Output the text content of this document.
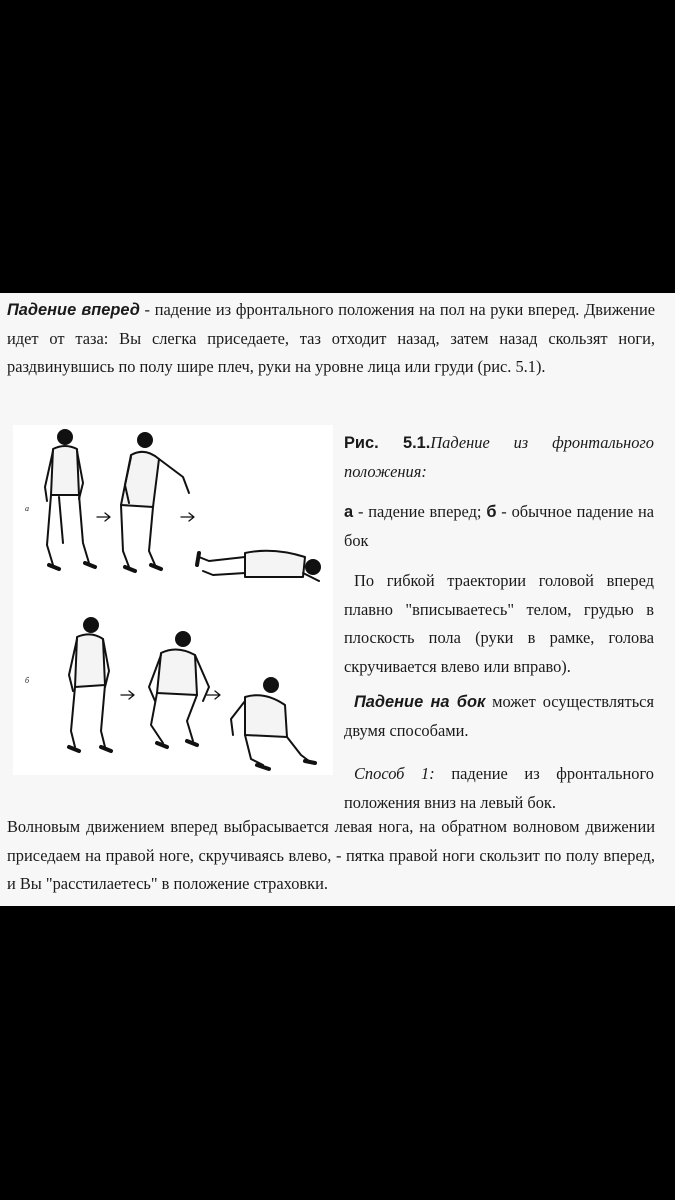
Падение вперед - падение из фронтального положения на пол на руки вперед. Движение идет от таза: Вы слегка приседаете, таз отходит назад, затем назад скользят ноги, раздвинувшись по полу шире плеч, руки на уровне лица или груди (рис. 5.1).

а
б

Рис. 5.1.Падение из фронтального положения:

а - падение вперед; б - обычное падение на бок

По гибкой траектории головой вперед плавно "вписываетесь" телом, грудью в плоскость пола (руки в рамке, голова скручивается влево или вправо).

Падение на бок может осуществляться двумя способами.

Способ 1: падение из фронтального положения вниз на левый бок.

Волновым движением вперед выбрасывается левая нога, на обратном волновом движении приседаем на правой ноге, скручиваясь влево, - пятка правой ноги скользит по полу вперед, и Вы "расстилаетесь" в положение страховки.
